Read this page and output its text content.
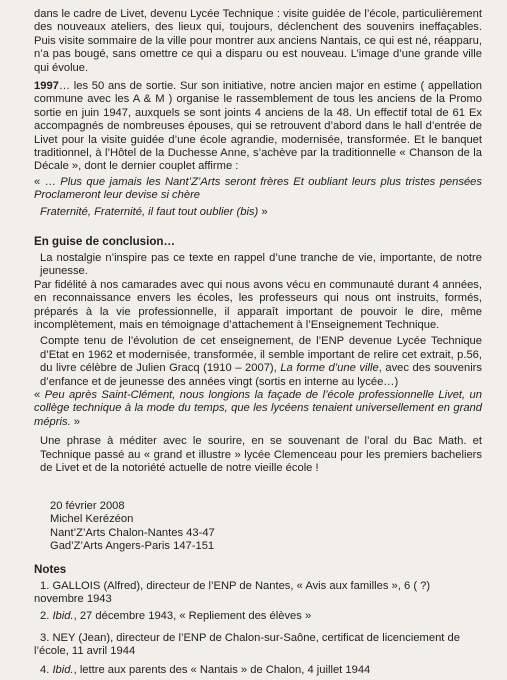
dans le cadre de Livet, devenu Lycée Technique : visite guidée de l’école, particulièrement des nouveaux ateliers, des lieux qui, toujours, déclenchent des souvenirs ineffaçables. Puis visite sommaire de la ville pour montrer aux anciens Nantais, ce qui est né, réapparu, n’a pas bougé, sans omettre ce qui a disparu ou est nouveau. L’image d’une grande ville qui évolue.

1997… les 50 ans de sortie. Sur son initiative, notre ancien major en estime ( appellation commune avec les A & M ) organise le rassemblement de tous les anciens de la Promo sortie en juin 1947, auxquels se sont joints 4 anciens de la 48. Un effectif total de 61 Ex accompagnés de nombreuses épouses, qui se retrouvent d’abord dans le hall d’entrée de Livet pour la visite guidée d’une école agrandie, modernisée, transformée. Et le banquet traditionnel, à l’Hôtel de la Duchesse Anne, s’achève par la traditionnelle « Chanson de la Décale », dont le dernier couplet affirme :

« … Plus que jamais les Nant’Z’Arts seront frères Et oubliant leurs plus tristes pensées Proclameront leur devise si chère

Fraternité, Fraternité, il faut tout oublier (bis) »

En guise de conclusion…

La nostalgie n’inspire pas ce texte en rappel d’une tranche de vie, importante, de notre jeunesse.

Par fidélité à nos camarades avec qui nous avons vécu en communauté durant 4 années, en reconnaissance envers les écoles, les professeurs qui nous ont instruits, formés, préparés à la vie professionnelle, il apparaît important de pouvoir le dire, même incomplètement, mais en témoignage d’attachement à l’Enseignement Technique.

Compte tenu de l’évolution de cet enseignement, de l’ENP devenue Lycée Technique d’Etat en 1962 et modernisée, transformée, il semble important de relire cet extrait, p.56, du livre célèbre de Julien Gracq (1910 – 2007), La forme d’une ville, avec des souvenirs d’enfance et de jeunesse des années vingt (sortis en interne au lycée…)

« Peu après Saint-Clément, nous longions la façade de l’école professionnelle Livet, un collège technique à la mode du temps, que les lycéens tenaient universellement en grand mépris. »

Une phrase à méditer avec le sourire, en se souvenant de l’oral du Bac Math. et Technique passé au « grand et illustre » lycée Clemenceau pour les premiers bacheliers de Livet et de la notoriété actuelle de notre vieille école !

20 février 2008
Michel Kerézéon
Nant’Z’Arts Chalon-Nantes 43-47
Gad’Z’Arts Angers-Paris 147-151
Notes
1. GALLOIS (Alfred), directeur de l’ENP de Nantes, « Avis aux familles », 6 ( ?) novembre 1943
2. Ibid., 27 décembre 1943, « Repliement des élèves »
3. NEY (Jean), directeur de l’ENP de Chalon-sur-Saône, certificat de licenciement de l’école, 11 avril 1944
4. Ibid., lettre aux parents des « Nantais » de Chalon, 4 juillet 1944
